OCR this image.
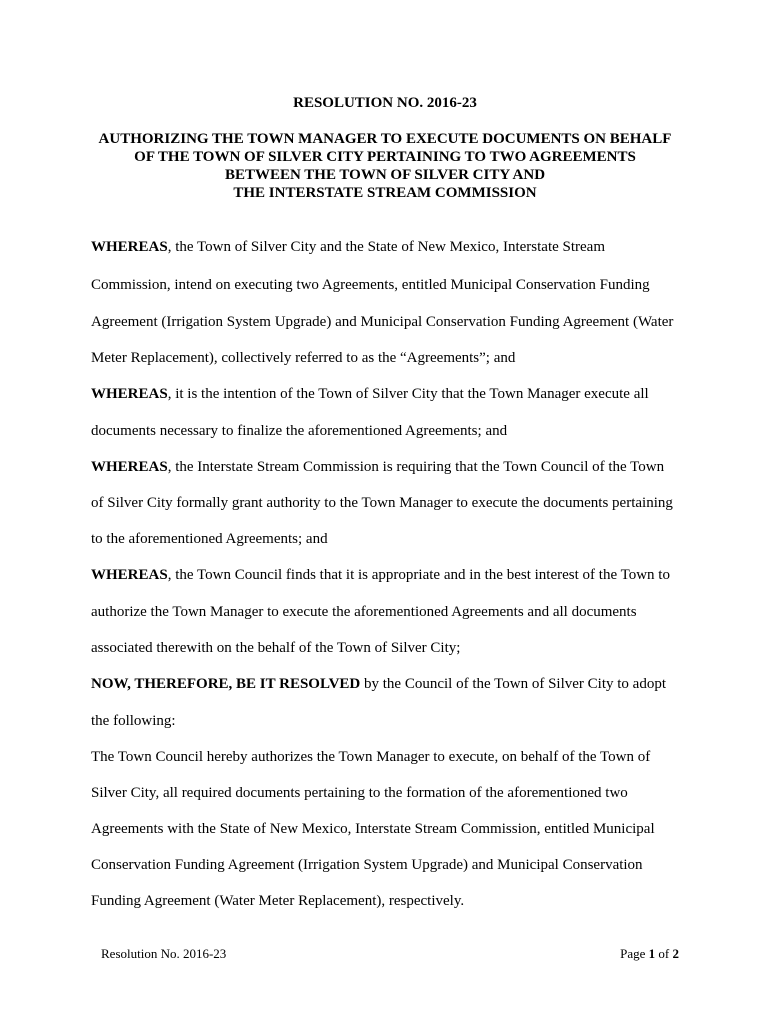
RESOLUTION NO. 2016-23
AUTHORIZING THE TOWN MANAGER TO EXECUTE DOCUMENTS ON BEHALF
OF THE TOWN OF SILVER CITY PERTAINING TO TWO AGREEMENTS
BETWEEN THE TOWN OF SILVER CITY AND
THE INTERSTATE STREAM COMMISSION
WHEREAS, the Town of Silver City and the State of New Mexico, Interstate Stream
Commission, intend on executing two Agreements, entitled Municipal Conservation Funding
Agreement (Irrigation System Upgrade) and Municipal Conservation Funding Agreement (Water
Meter Replacement), collectively referred to as the “Agreements”; and
WHEREAS, it is the intention of the Town of Silver City that the Town Manager execute all
documents necessary to finalize the aforementioned Agreements; and
WHEREAS, the Interstate Stream Commission is requiring that the Town Council of the Town
of Silver City formally grant authority to the Town Manager to execute the documents pertaining
to the aforementioned Agreements; and
WHEREAS, the Town Council finds that it is appropriate and in the best interest of the Town to
authorize the Town Manager to execute the aforementioned Agreements and all documents
associated therewith on the behalf of the Town of Silver City;
NOW, THEREFORE, BE IT RESOLVED by the Council of the Town of Silver City to adopt
the following:
The Town Council hereby authorizes the Town Manager to execute, on behalf of the Town of
Silver City, all required documents pertaining to the formation of the aforementioned two
Agreements with the State of New Mexico, Interstate Stream Commission, entitled Municipal
Conservation Funding Agreement (Irrigation System Upgrade) and Municipal Conservation
Funding Agreement (Water Meter Replacement), respectively.
Resolution No. 2016-23	Page 1 of 2
